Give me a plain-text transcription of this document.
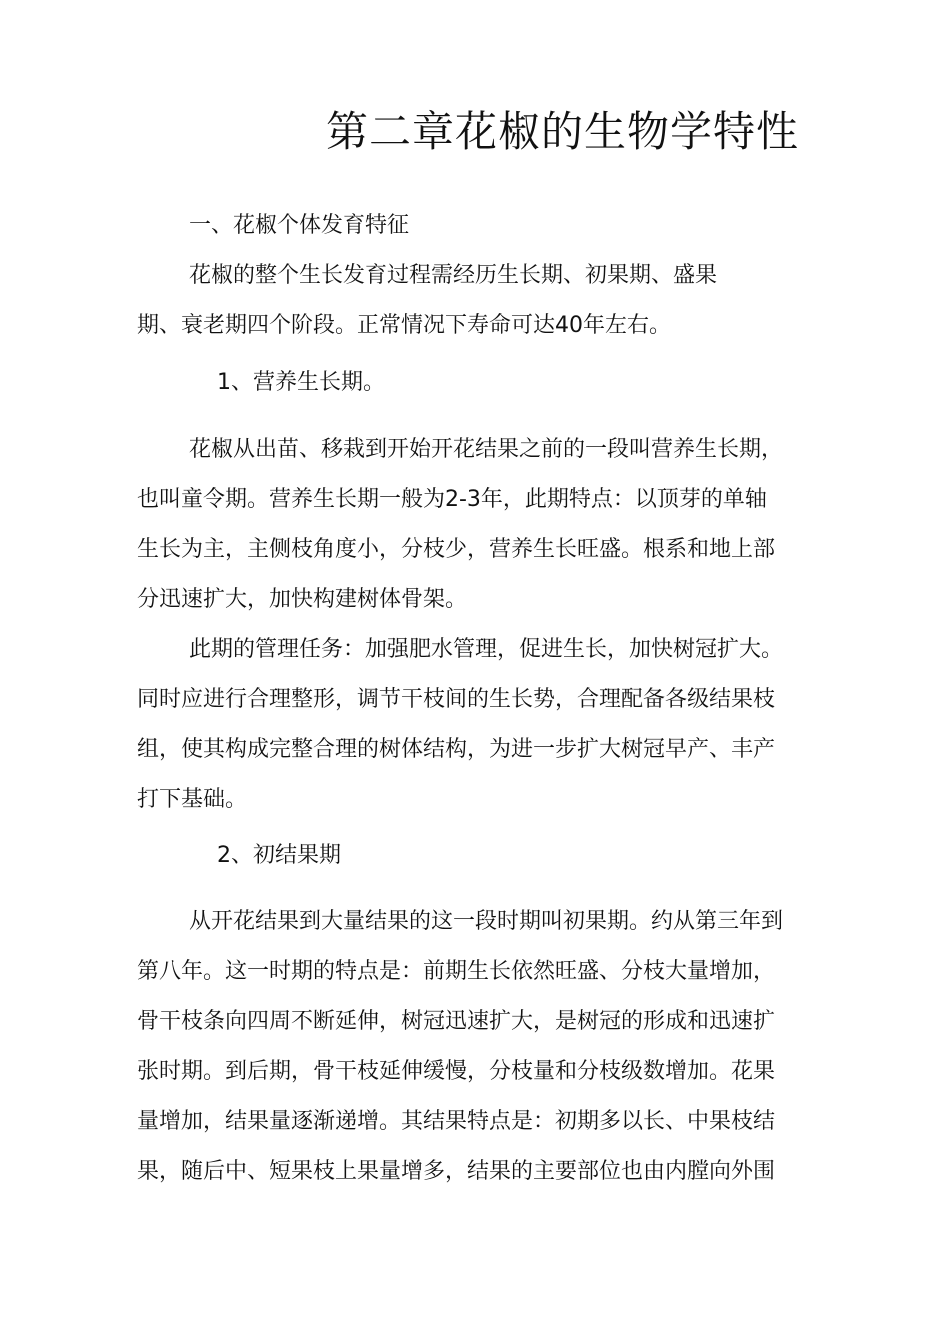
第二章花椒的生物学特性

一、花椒个体发育特征

花椒的整个生长发育过程需经历生长期、初果期、盛果

期、衰老期四个阶段。正常情况下寿命可达40年左右。

1、营养生长期。

花椒从出苗、移栽到开始开花结果之前的一段叫营养生长期，

也叫童令期。营养生长期一般为2-3年，此期特点：以顶芽的单轴

生长为主，主侧枝角度小，分枝少，营养生长旺盛。根系和地上部

分迅速扩大，加快构建树体骨架。

此期的管理任务：加强肥水管理，促进生长，加快树冠扩大。

同时应进行合理整形，调节干枝间的生长势，合理配备各级结果枝

组，使其构成完整合理的树体结构，为进一步扩大树冠早产、丰产

打下基础。

2、初结果期

从开花结果到大量结果的这一段时期叫初果期。约从第三年到

第八年。这一时期的特点是：前期生长依然旺盛、分枝大量增加，

骨干枝条向四周不断延伸，树冠迅速扩大，是树冠的形成和迅速扩

张时期。到后期，骨干枝延伸缓慢，分枝量和分枝级数增加。花果

量增加，结果量逐渐递增。其结果特点是：初期多以长、中果枝结

果，随后中、短果枝上果量增多，结果的主要部位也由内膛向外围
